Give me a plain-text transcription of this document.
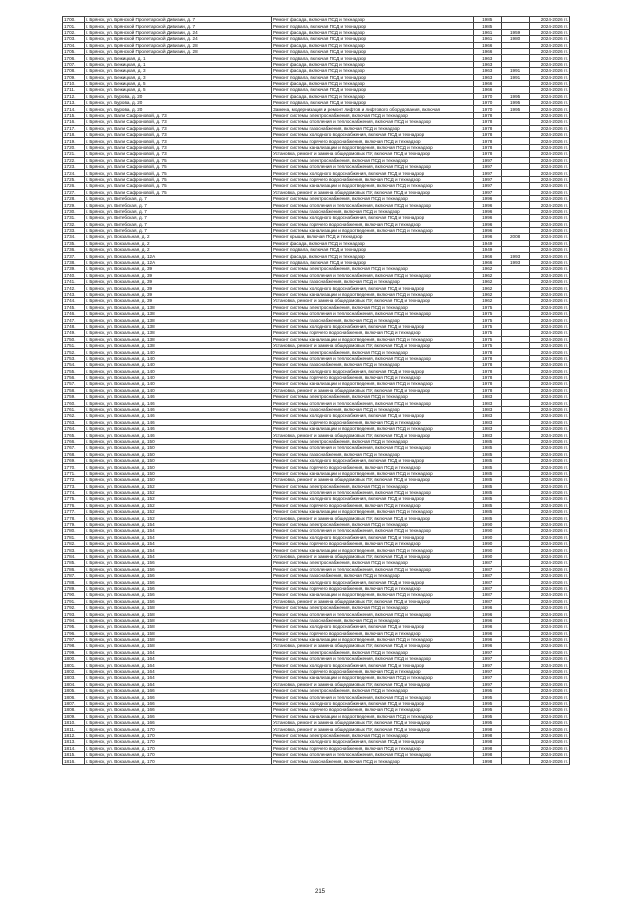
1700.	г. Брянск, ул. Брянской Пролетарской Дивизии, д. 7	Ремонт фасада, включая ПСД и технадзор	1985		2024-2026 гг.
1701.	г. Брянск, ул. Брянской Пролетарской Дивизии, д. 7	Ремонт подвала, включая ПСД и технадзор	1985		2024-2026 гг.
1702.	г. Брянск, ул. Брянской Пролетарской Дивизии, д. 24	Ремонт фасада, включая ПСД и технадзор	1961	1959	2024-2026 гг.
1703.	г. Брянск, ул. Брянской Пролетарской Дивизии, д. 24	Ремонт подвала, включая ПСД и технадзор	1961	1980	2024-2026 гг.
1704.	г. Брянск, ул. Брянской Пролетарской Дивизии, д. 28	Ремонт фасада, включая ПСД и технадзор	1966		2024-2026 гг.
1705.	г. Брянск, ул. Брянской Пролетарской Дивизии, д. 28	Ремонт подвала, включая ПСД и технадзор	1966		2024-2026 гг.
1706.	г. Брянск, ул. Бежицкая, д. 1	Ремонт подвала, включая ПСД и технадзор	1963		2024-2026 гг.
1707.	г. Брянск, ул. Бежицкая, д. 1	Ремонт фасада, включая ПСД и технадзор	1963		2024-2026 гг.
1708.	г. Брянск, ул. Бежицкая, д. 3	Ремонт фасада, включая ПСД и технадзор	1963	1991	2024-2026 гг.
1709.	г. Брянск, ул. Бежицкая, д. 3	Ремонт подвала, включая ПСД и технадзор	1963	1991	2024-2026 гг.
1710.	г. Брянск, ул. Бежицкая, д. 5	Ремонт фасада, включая ПСД и технадзор	1966		2024-2026 гг.
1711.	г. Брянск, ул. Бежицкая, д. 5	Ремонт подвала, включая ПСД и технадзор	1966		2024-2026 гг.
1712.	г. Брянск, ул. Бурова, д. 20	Ремонт фасада, включая ПСД и технадзор	1970	1995	2024-2026 гг.
1713.	г. Брянск, ул. Бурова, д. 20	Ремонт подвала, включая ПСД и технадзор	1970	1995	2024-2026 гг.
1714.	г. Брянск, ул. Бурова, д. 20	Замена, модернизация и ремонт лифтов и лифтового оборудования, включая	1970	1995	2024-2026 гг.
1715.	г. Брянск, ул. Вали Сафроновой, д. 73	Ремонт системы электроснабжения, включая ПСД и технадзор	1978		2024-2026 гг.
1716.	г. Брянск, ул. Вали Сафроновой, д. 73	Ремонт системы отопления и теплоснабжения, включая ПСД и технадзор	1978		2024-2026 гг.
1717.	г. Брянск, ул. Вали Сафроновой, д. 73	Ремонт системы газоснабжения, включая ПСД и технадзор	1978		2024-2026 гг.
1718.	г. Брянск, ул. Вали Сафроновой, д. 73	Ремонт системы холодного водоснабжения, включая ПСД и технадзор	1978		2024-2026 гг.
1719.	г. Брянск, ул. Вали Сафроновой, д. 73	Ремонт системы горячего водоснабжения, включая ПСД и технадзор	1978		2024-2026 гг.
1720.	г. Брянск, ул. Вали Сафроновой, д. 73	Ремонт системы канализации и водоотведения, включая ПСД и технадзор	1978		2024-2026 гг.
1721.	г. Брянск, ул. Вали Сафроновой, д. 73	Установка, ремонт и замена общедомовых ПУ, включая ПСД и технадзор	1978		2024-2026 гг.
1722.	г. Брянск, ул. Вали Сафроновой, д. 75	Ремонт системы электроснабжения, включая ПСД и технадзор	1997		2024-2026 гг.
1723.	г. Брянск, ул. Вали Сафроновой, д. 75	Ремонт системы отопления и теплоснабжения, включая ПСД и технадзор	1997		2024-2026 гг.
1724.	г. Брянск, ул. Вали Сафроновой, д. 75	Ремонт системы холодного водоснабжения, включая ПСД и технадзор	1997		2024-2026 гг.
1725.	г. Брянск, ул. Вали Сафроновой, д. 75	Ремонт системы горячего водоснабжения, включая ПСД и технадзор	1997		2024-2026 гг.
1726.	г. Брянск, ул. Вали Сафроновой, д. 75	Ремонт системы канализации и водоотведения, включая ПСД и технадзор	1997		2024-2026 гг.
1727.	г. Брянск, ул. Вали Сафроновой, д. 75	Установка, ремонт и замена общедомовых ПУ, включая ПСД и технадзор	1997		2024-2026 гг.
1728.	г. Брянск, ул. Витебская, д. 7	Ремонт системы электроснабжения, включая ПСД и технадзор	1996		2024-2026 гг.
1729.	г. Брянск, ул. Витебская, д. 7	Ремонт системы отопления и теплоснабжения, включая ПСД и технадзор	1996		2024-2026 гг.
1730.	г. Брянск, ул. Витебская, д. 7	Ремонт системы газоснабжения, включая ПСД и технадзор	1996		2024-2026 гг.
1731.	г. Брянск, ул. Витебская, д. 7	Ремонт системы холодного водоснабжения, включая ПСД и технадзор	1996		2024-2026 гг.
1732.	г. Брянск, ул. Витебская, д. 7	Ремонт системы горячего водоснабжения, включая ПСД и технадзор	1996		2024-2026 гг.
1733.	г. Брянск, ул. Витебская, д. 7	Ремонт системы канализации и водоотведения, включая ПСД и технадзор	1996		2024-2026 гг.
1734.	г. Брянск, ул. Вокзальная, д. 2	Ремонт крыши, включая ПСД и технадзор	1996	2008	2024-2026 гг.
1735.	г. Брянск, ул. Вокзальная, д. 2	Ремонт фасада, включая ПСД и технадзор	1949		2024-2026 гг.
1736.	г. Брянск, ул. Вокзальная, д. 2	Ремонт подвала, включая ПСД и технадзор	1949		2024-2026 гг.
1737.	г. Брянск, ул. Вокзальная, д. 12А	Ремонт фасада, включая ПСД и технадзор	1966	1993	2024-2026 гг.
1738.	г. Брянск, ул. Вокзальная, д. 12А	Ремонт подвала, включая ПСД и технадзор	1966	1993	2024-2026 гг.
1739.	г. Брянск, ул. Вокзальная, д. 39	Ремонт системы электроснабжения, включая ПСД и технадзор	1962		2024-2026 гг.
1740.	г. Брянск, ул. Вокзальная, д. 39	Ремонт системы отопления и теплоснабжения, включая ПСД и технадзор	1962		2024-2026 гг.
1741.	г. Брянск, ул. Вокзальная, д. 39	Ремонт системы газоснабжения, включая ПСД и технадзор	1962		2024-2026 гг.
1742.	г. Брянск, ул. Вокзальная, д. 39	Ремонт системы холодного водоснабжения, включая ПСД и технадзор	1962		2024-2026 гг.
1743.	г. Брянск, ул. Вокзальная, д. 39	Ремонт системы канализации и водоотведения, включая ПСД и технадзор	1962		2024-2026 гг.
1744.	г. Брянск, ул. Вокзальная, д. 39	Установка, ремонт и замена общедомовых ПУ, включая ПСД и технадзор	1962		2024-2026 гг.
1745.	г. Брянск, ул. Вокзальная, д. 138	Ремонт системы электроснабжения, включая ПСД и технадзор	1975		2024-2026 гг.
1746.	г. Брянск, ул. Вокзальная, д. 138	Ремонт системы отопления и теплоснабжения, включая ПСД и технадзор	1975		2024-2026 гг.
1747.	г. Брянск, ул. Вокзальная, д. 138	Ремонт системы газоснабжения, включая ПСД и технадзор	1975		2024-2026 гг.
1748.	г. Брянск, ул. Вокзальная, д. 138	Ремонт системы холодного водоснабжения, включая ПСД и технадзор	1975		2024-2026 гг.
1749.	г. Брянск, ул. Вокзальная, д. 138	Ремонт системы горячего водоснабжения, включая ПСД и технадзор	1975		2024-2026 гг.
1750.	г. Брянск, ул. Вокзальная, д. 138	Ремонт системы канализации и водоотведения, включая ПСД и технадзор	1975		2024-2026 гг.
1751.	г. Брянск, ул. Вокзальная, д. 138	Установка, ремонт и замена общедомовых ПУ, включая ПСД и технадзор	1975		2024-2026 гг.
1752.	г. Брянск, ул. Вокзальная, д. 140	Ремонт системы электроснабжения, включая ПСД и технадзор	1978		2024-2026 гг.
1753.	г. Брянск, ул. Вокзальная, д. 140	Ремонт системы отопления и теплоснабжения, включая ПСД и технадзор	1978		2024-2026 гг.
1754.	г. Брянск, ул. Вокзальная, д. 140	Ремонт системы газоснабжения, включая ПСД и технадзор	1978		2024-2026 гг.
1755.	г. Брянск, ул. Вокзальная, д. 140	Ремонт системы холодного водоснабжения, включая ПСД и технадзор	1978		2024-2026 гг.
1756.	г. Брянск, ул. Вокзальная, д. 140	Ремонт системы горячего водоснабжения, включая ПСД и технадзор	1978		2024-2026 гг.
1757.	г. Брянск, ул. Вокзальная, д. 140	Ремонт системы канализации и водоотведения, включая ПСД и технадзор	1978		2024-2026 гг.
1758.	г. Брянск, ул. Вокзальная, д. 140	Установка, ремонт и замена общедомовых ПУ, включая ПСД и технадзор	1978		2024-2026 гг.
1759.	г. Брянск, ул. Вокзальная, д. 146	Ремонт системы электроснабжения, включая ПСД и технадзор	1983		2024-2026 гг.
1760.	г. Брянск, ул. Вокзальная, д. 146	Ремонт системы отопления и теплоснабжения, включая ПСД и технадзор	1983		2024-2026 гг.
1761.	г. Брянск, ул. Вокзальная, д. 146	Ремонт системы газоснабжения, включая ПСД и технадзор	1983		2024-2026 гг.
1762.	г. Брянск, ул. Вокзальная, д. 146	Ремонт системы холодного водоснабжения, включая ПСД и технадзор	1983		2024-2026 гг.
1763.	г. Брянск, ул. Вокзальная, д. 146	Ремонт системы горячего водоснабжения, включая ПСД и технадзор	1983		2024-2026 гг.
1764.	г. Брянск, ул. Вокзальная, д. 146	Ремонт системы канализации и водоотведения, включая ПСД и технадзор	1983		2024-2026 гг.
1765.	г. Брянск, ул. Вокзальная, д. 146	Установка, ремонт и замена общедомовых ПУ, включая ПСД и технадзор	1983		2024-2026 гг.
1766.	г. Брянск, ул. Вокзальная, д. 150	Ремонт системы электроснабжения, включая ПСД и технадзор	1985		2024-2026 гг.
1767.	г. Брянск, ул. Вокзальная, д. 150	Ремонт системы отопления и теплоснабжения, включая ПСД и технадзор	1985		2024-2026 гг.
1768.	г. Брянск, ул. Вокзальная, д. 150	Ремонт системы газоснабжения, включая ПСД и технадзор	1985		2024-2026 гг.
1769.	г. Брянск, ул. Вокзальная, д. 150	Ремонт системы холодного водоснабжения, включая ПСД и технадзор	1985		2024-2026 гг.
1770.	г. Брянск, ул. Вокзальная, д. 150	Ремонт системы горячего водоснабжения, включая ПСД и технадзор	1985		2024-2026 гг.
1771.	г. Брянск, ул. Вокзальная, д. 150	Ремонт системы канализации и водоотведения, включая ПСД и технадзор	1985		2024-2026 гг.
1772.	г. Брянск, ул. Вокзальная, д. 150	Установка, ремонт и замена общедомовых ПУ, включая ПСД и технадзор	1985		2024-2026 гг.
1773.	г. Брянск, ул. Вокзальная, д. 152	Ремонт системы электроснабжения, включая ПСД и технадзор	1985		2024-2026 гг.
1774.	г. Брянск, ул. Вокзальная, д. 152	Ремонт системы отопления и теплоснабжения, включая ПСД и технадзор	1985		2024-2026 гг.
1775.	г. Брянск, ул. Вокзальная, д. 152	Ремонт системы холодного водоснабжения, включая ПСД и технадзор	1985		2024-2026 гг.
1776.	г. Брянск, ул. Вокзальная, д. 152	Ремонт системы горячего водоснабжения, включая ПСД и технадзор	1985		2024-2026 гг.
1777.	г. Брянск, ул. Вокзальная, д. 152	Ремонт системы канализации и водоотведения, включая ПСД и технадзор	1985		2024-2026 гг.
1778.	г. Брянск, ул. Вокзальная, д. 152	Установка, ремонт и замена общедомовых ПУ, включая ПСД и технадзор	1985		2024-2026 гг.
1779.	г. Брянск, ул. Вокзальная, д. 154	Ремонт системы электроснабжения, включая ПСД и технадзор	1990		2024-2026 гг.
1780.	г. Брянск, ул. Вокзальная, д. 154	Ремонт системы отопления и теплоснабжения, включая ПСД и технадзор	1990		2024-2026 гг.
1781.	г. Брянск, ул. Вокзальная, д. 154	Ремонт системы холодного водоснабжения, включая ПСД и технадзор	1990		2024-2026 гг.
1782.	г. Брянск, ул. Вокзальная, д. 154	Ремонт системы горячего водоснабжения, включая ПСД и технадзор	1990		2024-2026 гг.
1783.	г. Брянск, ул. Вокзальная, д. 154	Ремонт системы канализации и водоотведения, включая ПСД и технадзор	1990		2024-2026 гг.
1784.	г. Брянск, ул. Вокзальная, д. 154	Установка, ремонт и замена общедомовых ПУ, включая ПСД и технадзор	1990		2024-2026 гг.
1785.	г. Брянск, ул. Вокзальная, д. 156	Ремонт системы электроснабжения, включая ПСД и технадзор	1987		2024-2026 гг.
1786.	г. Брянск, ул. Вокзальная, д. 156	Ремонт системы отопления и теплоснабжения, включая ПСД и технадзор	1987		2024-2026 гг.
1787.	г. Брянск, ул. Вокзальная, д. 156	Ремонт системы газоснабжения, включая ПСД и технадзор	1987		2024-2026 гг.
1788.	г. Брянск, ул. Вокзальная, д. 156	Ремонт системы холодного водоснабжения, включая ПСД и технадзор	1987		2024-2026 гг.
1789.	г. Брянск, ул. Вокзальная, д. 156	Ремонт системы горячего водоснабжения, включая ПСД и технадзор	1987		2024-2026 гг.
1790.	г. Брянск, ул. Вокзальная, д. 156	Ремонт системы канализации и водоотведения, включая ПСД и технадзор	1987		2024-2026 гг.
1791.	г. Брянск, ул. Вокзальная, д. 156	Установка, ремонт и замена общедомовых ПУ, включая ПСД и технадзор	1987		2024-2026 гг.
1792.	г. Брянск, ул. Вокзальная, д. 158	Ремонт системы электроснабжения, включая ПСД и технадзор	1996		2024-2026 гг.
1793.	г. Брянск, ул. Вокзальная, д. 158	Ремонт системы отопления и теплоснабжения, включая ПСД и технадзор	1996		2024-2026 гг.
1794.	г. Брянск, ул. Вокзальная, д. 158	Ремонт системы газоснабжения, включая ПСД и технадзор	1996		2024-2026 гг.
1795.	г. Брянск, ул. Вокзальная, д. 158	Ремонт системы холодного водоснабжения, включая ПСД и технадзор	1996		2024-2026 гг.
1796.	г. Брянск, ул. Вокзальная, д. 158	Ремонт системы горячего водоснабжения, включая ПСД и технадзор	1996		2024-2026 гг.
1797.	г. Брянск, ул. Вокзальная, д. 158	Ремонт системы канализации и водоотведения, включая ПСД и технадзор	1996		2024-2026 гг.
1798.	г. Брянск, ул. Вокзальная, д. 158	Установка, ремонт и замена общедомовых ПУ, включая ПСД и технадзор	1996		2024-2026 гг.
1799.	г. Брянск, ул. Вокзальная, д. 164	Ремонт системы электроснабжения, включая ПСД и технадзор	1997		2024-2026 гг.
1800.	г. Брянск, ул. Вокзальная, д. 164	Ремонт системы отопления и теплоснабжения, включая ПСД и технадзор	1997		2024-2026 гг.
1801.	г. Брянск, ул. Вокзальная, д. 164	Ремонт системы холодного водоснабжения, включая ПСД и технадзор	1997		2024-2026 гг.
1802.	г. Брянск, ул. Вокзальная, д. 164	Ремонт системы горячего водоснабжения, включая ПСД и технадзор	1997		2024-2026 гг.
1803.	г. Брянск, ул. Вокзальная, д. 164	Ремонт системы канализации и водоотведения, включая ПСД и технадзор	1997		2024-2026 гг.
1804.	г. Брянск, ул. Вокзальная, д. 164	Установка, ремонт и замена общедомовых ПУ, включая ПСД и технадзор	1997		2024-2026 гг.
1805.	г. Брянск, ул. Вокзальная, д. 166	Ремонт системы электроснабжения, включая ПСД и технадзор	1995		2024-2026 гг.
1806.	г. Брянск, ул. Вокзальная, д. 166	Ремонт системы отопления и теплоснабжения, включая ПСД и технадзор	1995		2024-2026 гг.
1807.	г. Брянск, ул. Вокзальная, д. 166	Ремонт системы холодного водоснабжения, включая ПСД и технадзор	1995		2024-2026 гг.
1808.	г. Брянск, ул. Вокзальная, д. 166	Ремонт системы горячего водоснабжения, включая ПСД и технадзор	1995		2024-2026 гг.
1809.	г. Брянск, ул. Вокзальная, д. 166	Ремонт системы канализации и водоотведения, включая ПСД и технадзор	1995		2024-2026 гг.
1810.	г. Брянск, ул. Вокзальная, д. 166	Установка, ремонт и замена общедомовых ПУ, включая ПСД и технадзор	1995		2024-2026 гг.
1811.	г. Брянск, ул. Вокзальная, д. 170	Установка, ремонт и замена общедомовых ПУ, включая ПСД и технадзор	1998		2024-2026 гг.
1812.	г. Брянск, ул. Вокзальная, д. 170	Ремонт системы электроснабжения, включая ПСД и технадзор	1998		2024-2026 гг.
1813.	г. Брянск, ул. Вокзальная, д. 170	Ремонт системы холодного водоснабжения, включая ПСД и технадзор	1998		2024-2026 гг.
1814.	г. Брянск, ул. Вокзальная, д. 170	Ремонт системы горячего водоснабжения, включая ПСД и технадзор	1998		2024-2026 гг.
1815.	г. Брянск, ул. Вокзальная, д. 170	Ремонт системы отопления и теплоснабжения, включая ПСД и технадзор	1998		2024-2026 гг.
1816.	г. Брянск, ул. Вокзальная, д. 170	Ремонт системы газоснабжения, включая ПСД и технадзор	1998		2024-2026 гг.
215
